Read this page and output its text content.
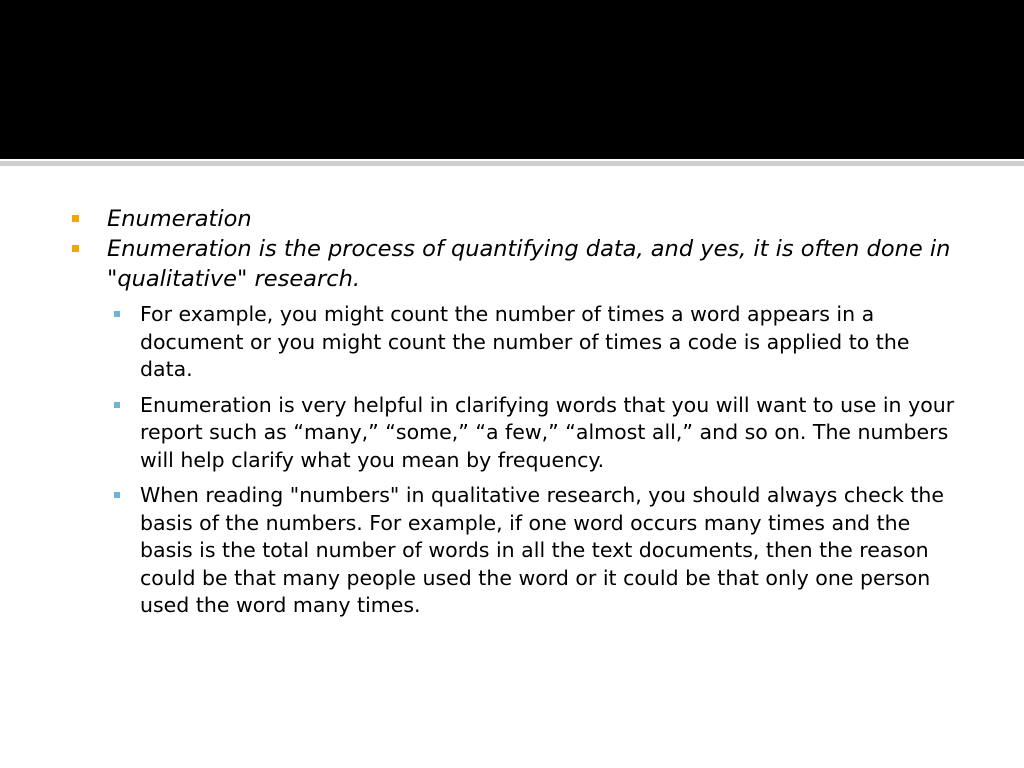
Enumeration
Enumeration is the process of quantifying data, and yes, it is often done in "qualitative" research.
For example, you might count the number of times a word appears in a document or you might count the number of times a code is applied to the data.
Enumeration is very helpful in clarifying words that you will want to use in your report such as “many,” “some,” “a few,” “almost all,” and so on. The numbers will help clarify what you mean by frequency.
When reading "numbers" in qualitative research, you should always check the basis of the numbers. For example, if one word occurs many times and the basis is the total number of words in all the text documents, then the reason could be that many people used the word or it could be that only one person used the word many times.
